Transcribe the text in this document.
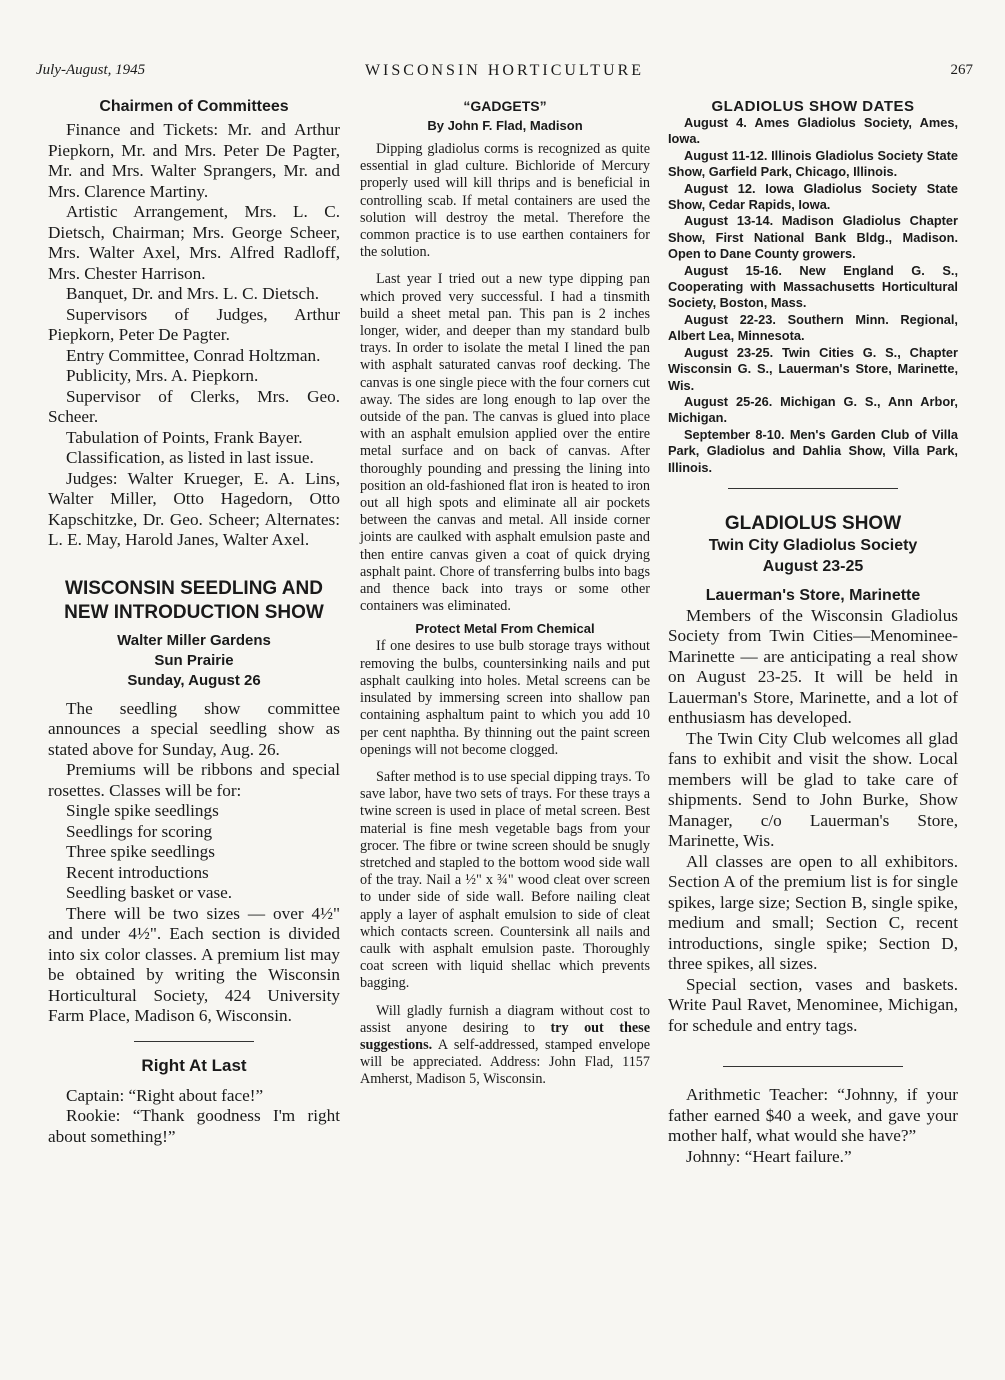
July-August, 1945	WISCONSIN HORTICULTURE	267
Chairmen of Committees

Finance and Tickets: Mr. and Arthur Piepkorn, Mr. and Mrs. Peter De Pagter, Mr. and Mrs. Walter Sprangers, Mr. and Mrs. Clarence Martiny.

Artistic Arrangement, Mrs. L. C. Dietsch, Chairman; Mrs. George Scheer, Mrs. Walter Axel, Mrs. Alfred Radloff, Mrs. Chester Harrison.

Banquet, Dr. and Mrs. L. C. Dietsch.

Supervisors of Judges, Arthur Piepkorn, Peter De Pagter.

Entry Committee, Conrad Holtzman.

Publicity, Mrs. A. Piepkorn.

Supervisor of Clerks, Mrs. Geo. Scheer.

Tabulation of Points, Frank Bayer.

Classification, as listed in last issue.

Judges: Walter Krueger, E. A. Lins, Walter Miller, Otto Hagedorn, Otto Kapschitzke, Dr. Geo. Scheer; Alternates: L. E. May, Harold Janes, Walter Axel.

WISCONSIN SEEDLING AND NEW INTRODUCTION SHOW
Walter Miller Gardens
Sun Prairie
Sunday, August 26

The seedling show committee announces a special seedling show as stated above for Sunday, Aug. 26.

Premiums will be ribbons and special rosettes. Classes will be for:

Single spike seedlings

Seedlings for scoring

Three spike seedlings

Recent introductions

Seedling basket or vase.

There will be two sizes — over 4½" and under 4½". Each section is divided into six color classes. A premium list may be obtained by writing the Wisconsin Horticultural Society, 424 University Farm Place, Madison 6, Wisconsin.

Right At Last

Captain: “Right about face!”

Rookie: “Thank goodness I'm right about something!”

“GADGETS”
By John F. Flad, Madison

Dipping gladiolus corms is recognized as quite essential in glad culture. Bichloride of Mercury properly used will kill thrips and is beneficial in controlling scab. If metal containers are used the solution will destroy the metal. Therefore the common practice is to use earthen containers for the solution.

Last year I tried out a new type dipping pan which proved very successful. I had a tinsmith build a sheet metal pan. This pan is 2 inches longer, wider, and deeper than my standard bulb trays. In order to isolate the metal I lined the pan with asphalt saturated canvas roof decking. The canvas is one single piece with the four corners cut away. The sides are long enough to lap over the outside of the pan. The canvas is glued into place with an asphalt emulsion applied over the entire metal surface and on back of canvas. After thoroughly pounding and pressing the lining into position an old-fashioned flat iron is heated to iron out all high spots and eliminate all air pockets between the canvas and metal. All inside corner joints are caulked with asphalt emulsion paste and then entire canvas given a coat of quick drying asphalt paint. Chore of transferring bulbs into bags and thence back into trays or some other containers was eliminated.

Protect Metal From Chemical

If one desires to use bulb storage trays without removing the bulbs, countersinking nails and put asphalt caulking into holes. Metal screens can be insulated by immersing screen into shallow pan containing asphaltum paint to which you add 10 per cent naphtha. By thinning out the paint screen openings will not become clogged.

Safter method is to use special dipping trays. To save labor, have two sets of trays. For these trays a twine screen is used in place of metal screen. Best material is fine mesh vegetable bags from your grocer. The fibre or twine screen should be snugly stretched and stapled to the bottom wood side wall of the tray. Nail a ½" x ¾" wood cleat over screen to under side of side wall. Before nailing cleat apply a layer of asphalt emulsion to side of cleat which contacts screen. Countersink all nails and caulk with asphalt emulsion paste. Thoroughly coat screen with liquid shellac which prevents bagging.

Will gladly furnish a diagram without cost to assist anyone desiring to try out these suggestions. A self-addressed, stamped envelope will be appreciated. Address: John Flad, 1157 Amherst, Madison 5, Wisconsin.

GLADIOLUS SHOW DATES

August 4. Ames Gladiolus Society, Ames, Iowa.

August 11-12. Illinois Gladiolus Society State Show, Garfield Park, Chicago, Illinois.

August 12. Iowa Gladiolus Society State Show, Cedar Rapids, Iowa.

August 13-14. Madison Gladiolus Chapter Show, First National Bank Bldg., Madison. Open to Dane County growers.

August 15-16. New England G. S., Cooperating with Massachusetts Horticultural Society, Boston, Mass.

August 22-23. Southern Minn. Regional, Albert Lea, Minnesota.

August 23-25. Twin Cities G. S., Chapter Wisconsin G. S., Lauerman's Store, Marinette, Wis.

August 25-26. Michigan G. S., Ann Arbor, Michigan.

September 8-10. Men's Garden Club of Villa Park, Gladiolus and Dahlia Show, Villa Park, Illinois.

GLADIOLUS SHOW
Twin City Gladiolus Society
August 23-25
Lauerman's Store, Marinette

Members of the Wisconsin Gladiolus Society from Twin Cities—Menominee-Marinette — are anticipating a real show on August 23-25. It will be held in Lauerman's Store, Marinette, and a lot of enthusiasm has developed.

The Twin City Club welcomes all glad fans to exhibit and visit the show. Local members will be glad to take care of shipments. Send to John Burke, Show Manager, c/o Lauerman's Store, Marinette, Wis.

All classes are open to all exhibitors. Section A of the premium list is for single spikes, large size; Section B, single spike, medium and small; Section C, recent introductions, single spike; Section D, three spikes, all sizes.

Special section, vases and baskets. Write Paul Ravet, Menominee, Michigan, for schedule and entry tags.

Arithmetic Teacher: “Johnny, if your father earned $40 a week, and gave your mother half, what would she have?”

Johnny: “Heart failure.”
